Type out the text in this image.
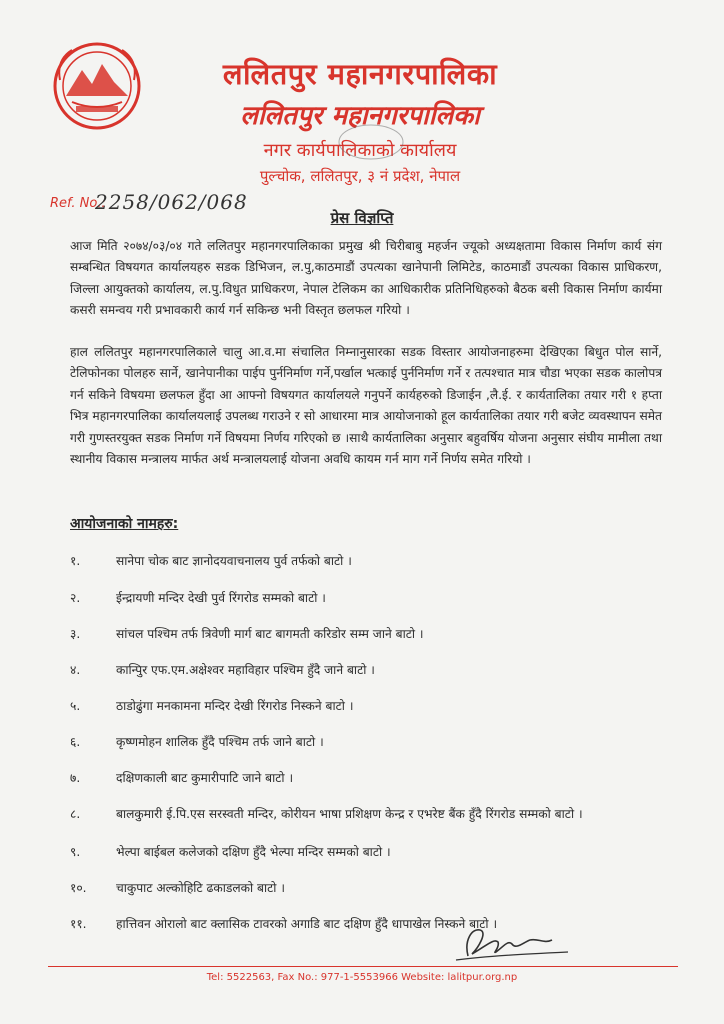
ललितपुर महानगरपालिका
ललितपुर महानगरपालिका
नगर कार्यपालिकाको कार्यालय
पुल्चोक, ललितपुर, ३ नं प्रदेश, नेपाल
Ref. No.:
2258/062/068
प्रेस विज्ञप्ति

आज मिति २०७४/०३/०४ गते ललितपुर महानगरपालिकाका प्रमुख श्री चिरीबाबु महर्जन ज्यूको अध्यक्षतामा विकास निर्माण कार्य संग सम्बन्धित विषयगत कार्यालयहरु सडक डिभिजन, ल.पु,काठमाडौं उपत्यका खानेपानी लिमिटेड, काठमाडौं उपत्यका विकास प्राधिकरण, जिल्ला आयुक्तको कार्यालय, ल.पु.विधुत प्राधिकरण, नेपाल टेलिकम का आधिकारीक प्रतिनिधिहरुको बैठक बसी विकास निर्माण कार्यमा कसरी समन्वय गरी प्रभावकारी कार्य गर्न सकिन्छ भनी विस्तृत छलफल गरियो ।

हाल ललितपुर महानगरपालिकाले चालु आ.व.मा संचालित निम्नानुसारका सडक विस्तार आयोजनाहरुमा देखिएका बिधुत पोल सार्ने, टेलिफोनका पोलहरु सार्ने, खानेपानीका पाईप पुर्ननिर्माण गर्ने,पर्खाल भत्काई पुर्ननिर्माण गर्ने र तत्पश्चात मात्र चौडा भएका सडक कालोपत्र गर्न सकिने विषयमा छलफल हुँदा आ आफ्नो विषयगत कार्यालयले गनुपर्ने कार्यहरुको डिजाईन ,लै.ई. र कार्यतालिका तयार गरी १ हप्ता भित्र महानगरपालिका कार्यालयलाई उपलब्ध गराउने र सो आधारमा मात्र आयोजनाको हूल कार्यतालिका तयार गरी बजेट व्यवस्थापन समेत गरी गुणस्तरयुक्त सडक निर्माण गर्ने विषयमा निर्णय गरिएको छ ।साथै कार्यतालिका अनुसार बहुवर्षिय योजना अनुसार संघीय मामीला तथा स्थानीय विकास मन्त्रालय मार्फत अर्थ मन्त्रालयलाई योजना अवधि कायम गर्न माग गर्ने निर्णय समेत गरियो ।

आयोजनाको नामहरु:
१.	सानेपा चोक बाट ज्ञानोदयवाचनालय पुर्व तर्फको बाटो ।
२.	ईन्द्रायणी मन्दिर देखी पुर्व रिंगरोड सम्मको बाटो ।
३.	सांचल पश्चिम तर्फ त्रिवेणी मार्ग बाट बागमती करिडोर सम्म जाने बाटो ।
४.	कान्पिुर एफ.एम.अक्षेश्वर महाविहार पश्चिम हुँदै जाने बाटो ।
५.	ठाडोढुंगा मनकामना मन्दिर देखी रिंगरोड निस्कने बाटो ।
६.	कृष्णमोहन शालिक हुँदै पश्चिम तर्फ जाने बाटो ।
७.	दक्षिणकाली बाट कुमारीपाटि जाने बाटो ।
८.	बालकुमारी ई.पि.एस सरस्वती मन्दिर, कोरीयन भाषा प्रशिक्षण केन्द्र र एभरेष्ट बैंक हुँदै रिंगरोड सम्मको बाटो ।
९.	भेल्पा बाईबल कलेजको दक्षिण हुँदै भेल्पा मन्दिर सम्मको बाटो ।
१०.	चाकुपाट अल्कोहिटि ढकाडलको बाटो ।
११.	हात्तिवन ओरालो बाट क्लासिक टावरको अगाडि बाट दक्षिण हुँदै धापाखेल निस्कने बाटो ।
Tel: 5522563, Fax No.: 977-1-5553966 Website: lalitpur.org.np
